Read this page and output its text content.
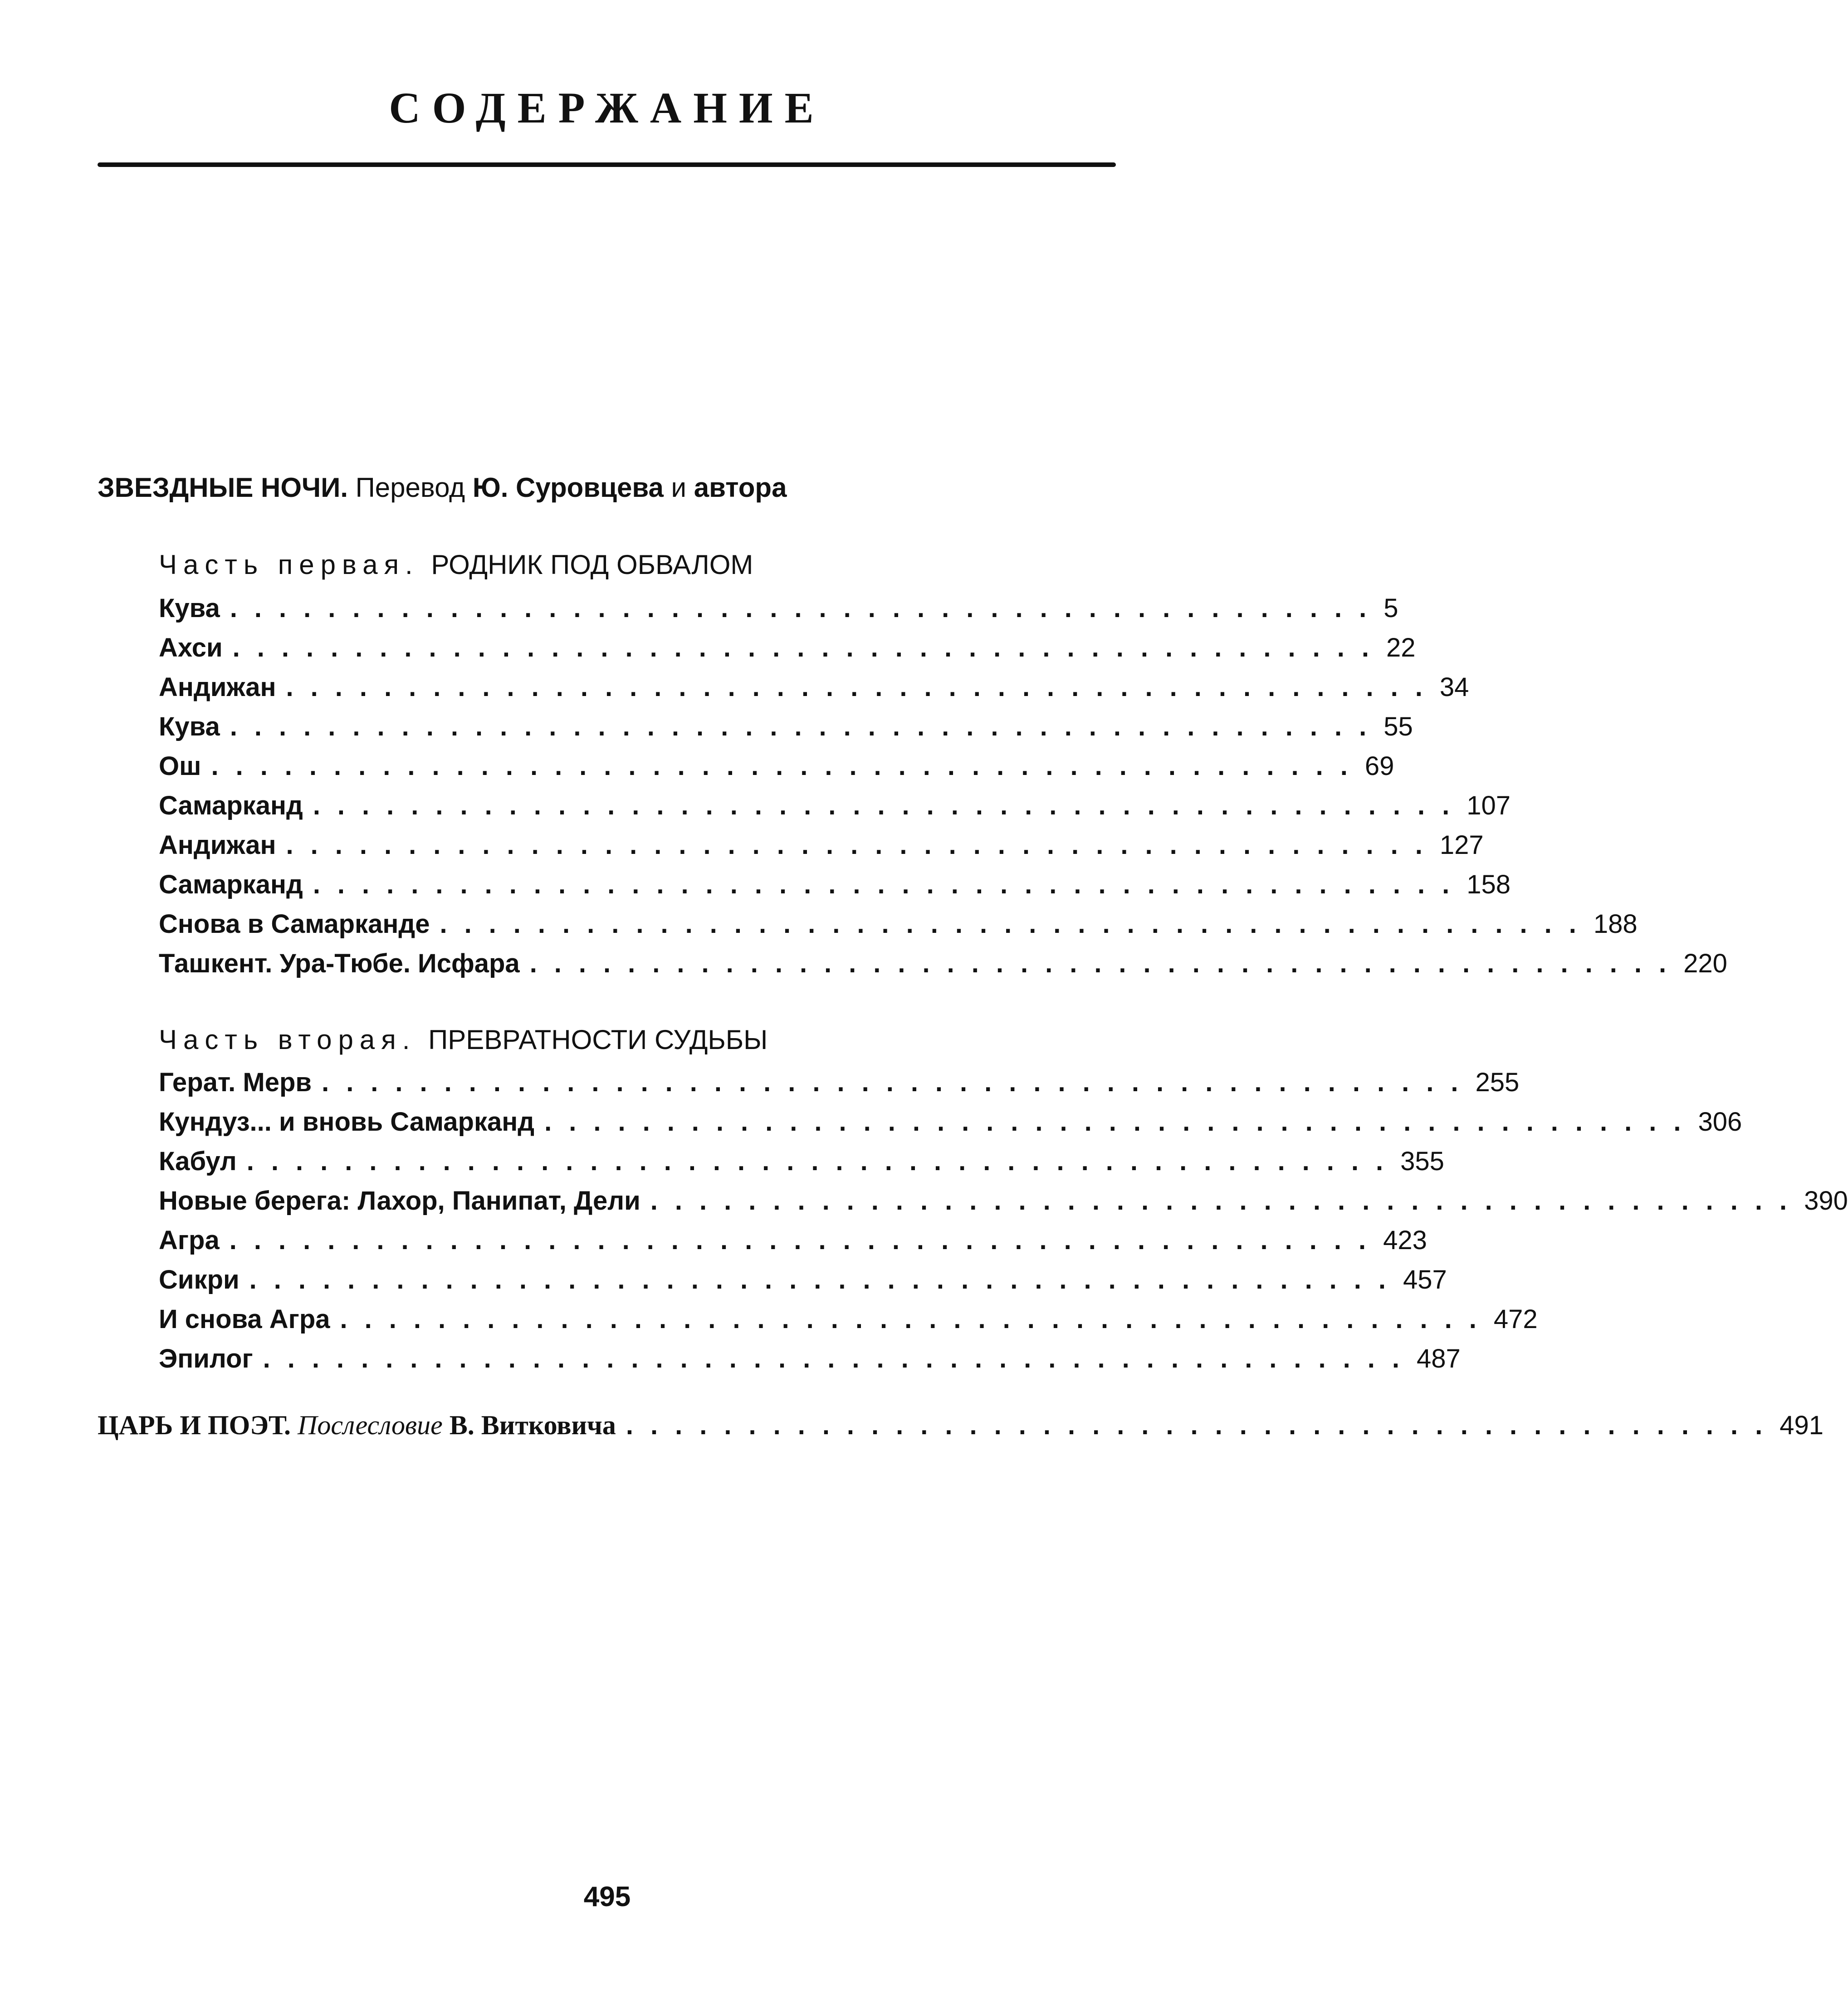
СОДЕРЖАНИЕ
ЗВЕЗДНЫЕ НОЧИ. Перевод Ю. Суровцева и автора
Часть первая. РОДНИК ПОД ОБВАЛОМ
Кува ............................................... 5
Ахси ............................................... 22
Андижан ............................................... 34
Кува ............................................... 55
Ош ............................................... 69
Самарканд ............................................... 107
Андижан ............................................... 127
Самарканд ............................................... 158
Снова в Самарканде ............................................... 188
Ташкент. Ура-Тюбе. Исфара ............................................... 220
Часть вторая. ПРЕВРАТНОСТИ СУДЬБЫ
Герат. Мерв ............................................... 255
Кундуз... и вновь Самарканд ............................................... 306
Кабул ............................................... 355
Новые берега: Лахор, Панипат, Дели ............................................... 390
Агра ............................................... 423
Сикри ............................................... 457
И снова Агра ............................................... 472
Эпилог ............................................... 487
ЦАРЬ И ПОЭТ. Послесловие В. Витковича ............................................... 491
495
